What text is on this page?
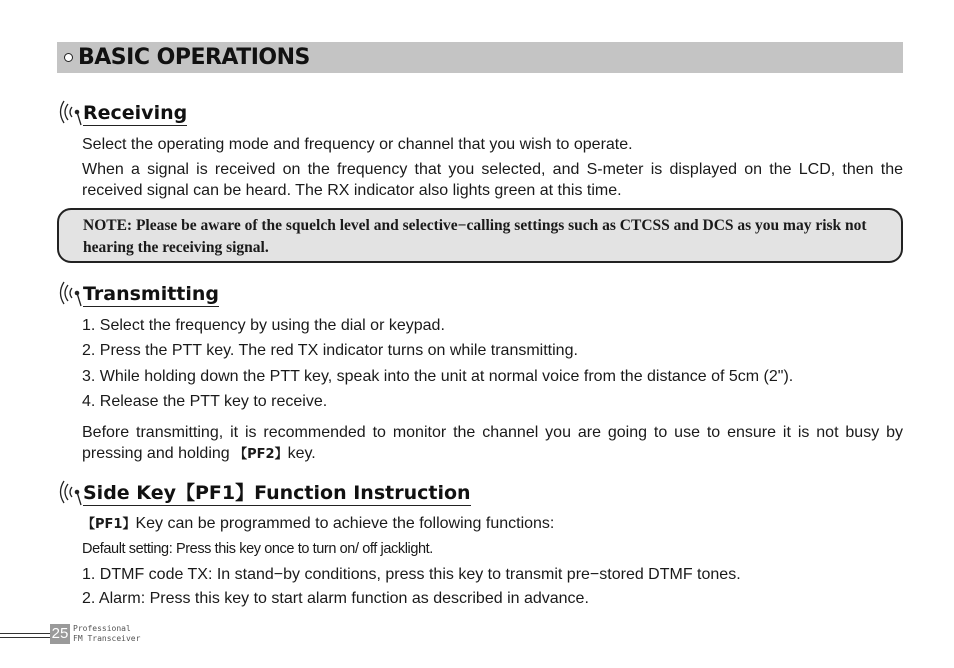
BASIC OPERATIONS
Receiving

Select the operating mode and frequency or channel that you wish to operate.

When a signal is received on the frequency that you selected, and S-meter is displayed on the LCD, then the received signal can be heard. The RX indicator also lights green at this time.

NOTE: Please be aware of the squelch level and selective−calling settings such as CTCSS and DCS as you may risk not hearing the receiving signal.
Transmitting

1. Select the frequency by using the dial or keypad.

2. Press the PTT key. The red TX indicator turns on while transmitting.

3. While holding down the PTT key, speak into the unit at normal voice from the distance of 5cm (2").

4. Release the PTT key to receive.

Before transmitting, it is recommended to monitor the channel you are going to use to ensure it is not busy by pressing and holding 【PF2】key.

Side Key【PF1】Function Instruction

【PF1】Key can be programmed to achieve the following functions:

Default setting: Press this key once to turn on/ off jacklight.

1. DTMF code TX: In stand−by conditions, press this key to transmit pre−stored DTMF tones.

2. Alarm: Press this key to start alarm function as described in advance.

25 Professional
FM Transceiver
